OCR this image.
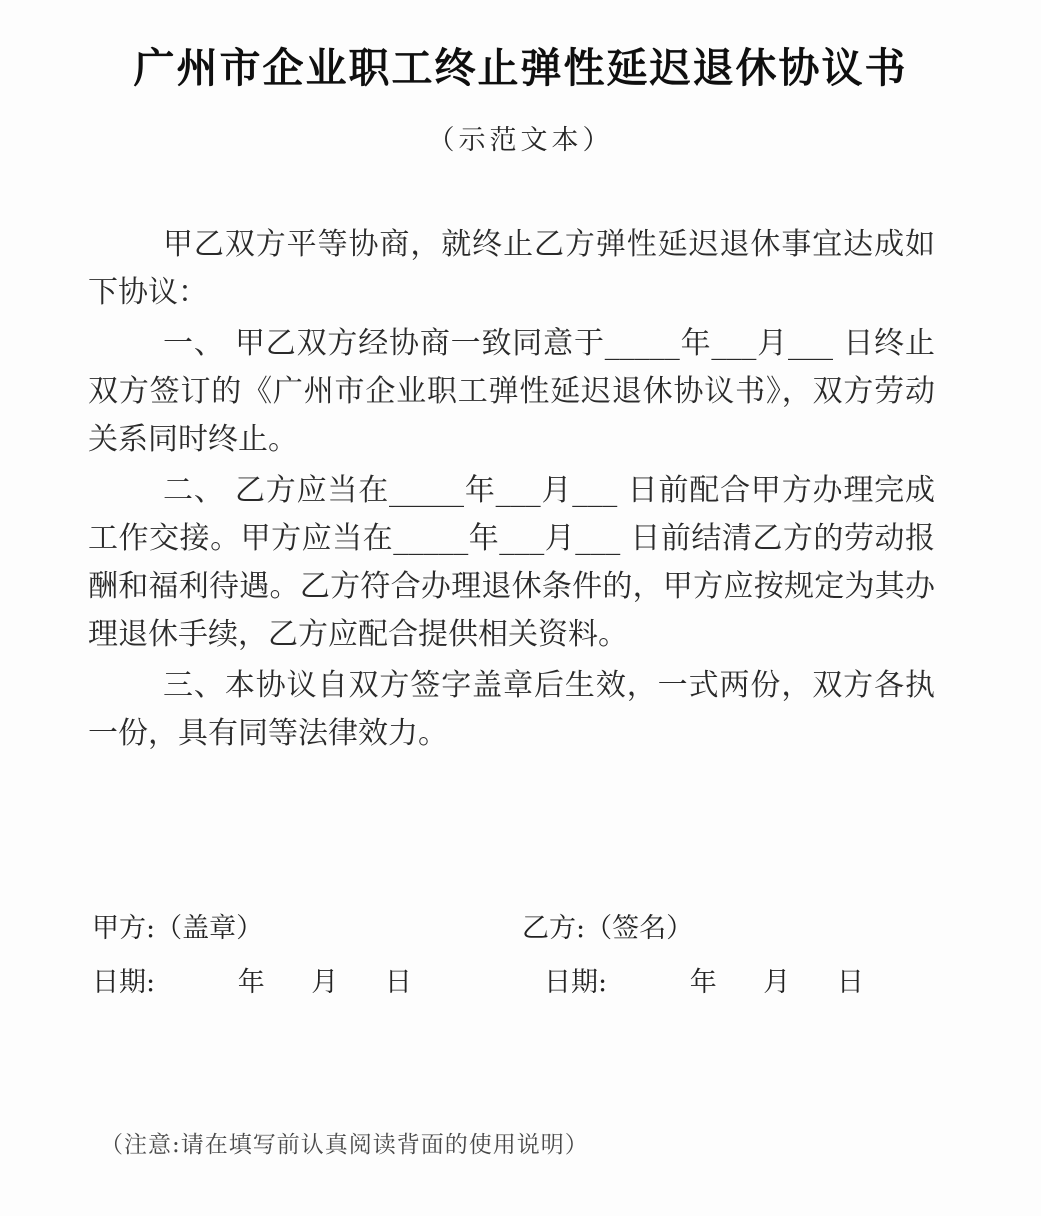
广州市企业职工终止弹性延迟退休协议书
（示范文本）

甲乙双方平等协商，就终止乙方弹性延迟退休事宜达成如下协议：

一、 甲乙双方经协商一致同意于_____年___月___ 日终止双方签订的《广州市企业职工弹性延迟退休协议书》，双方劳动关系同时终止。

二、 乙方应当在_____年___月___ 日前配合甲方办理完成工作交接。甲方应当在_____年___月___ 日前结清乙方的劳动报酬和福利待遇。乙方符合办理退休条件的，甲方应按规定为其办理退休手续，乙方应配合提供相关资料。

三、本协议自双方签字盖章后生效，一式两份，双方各执一份，具有同等法律效力。

甲方:（盖章）	乙方:（签名）
日期:	年 月 日	日期:	年 月 日
（注意:请在填写前认真阅读背面的使用说明）
